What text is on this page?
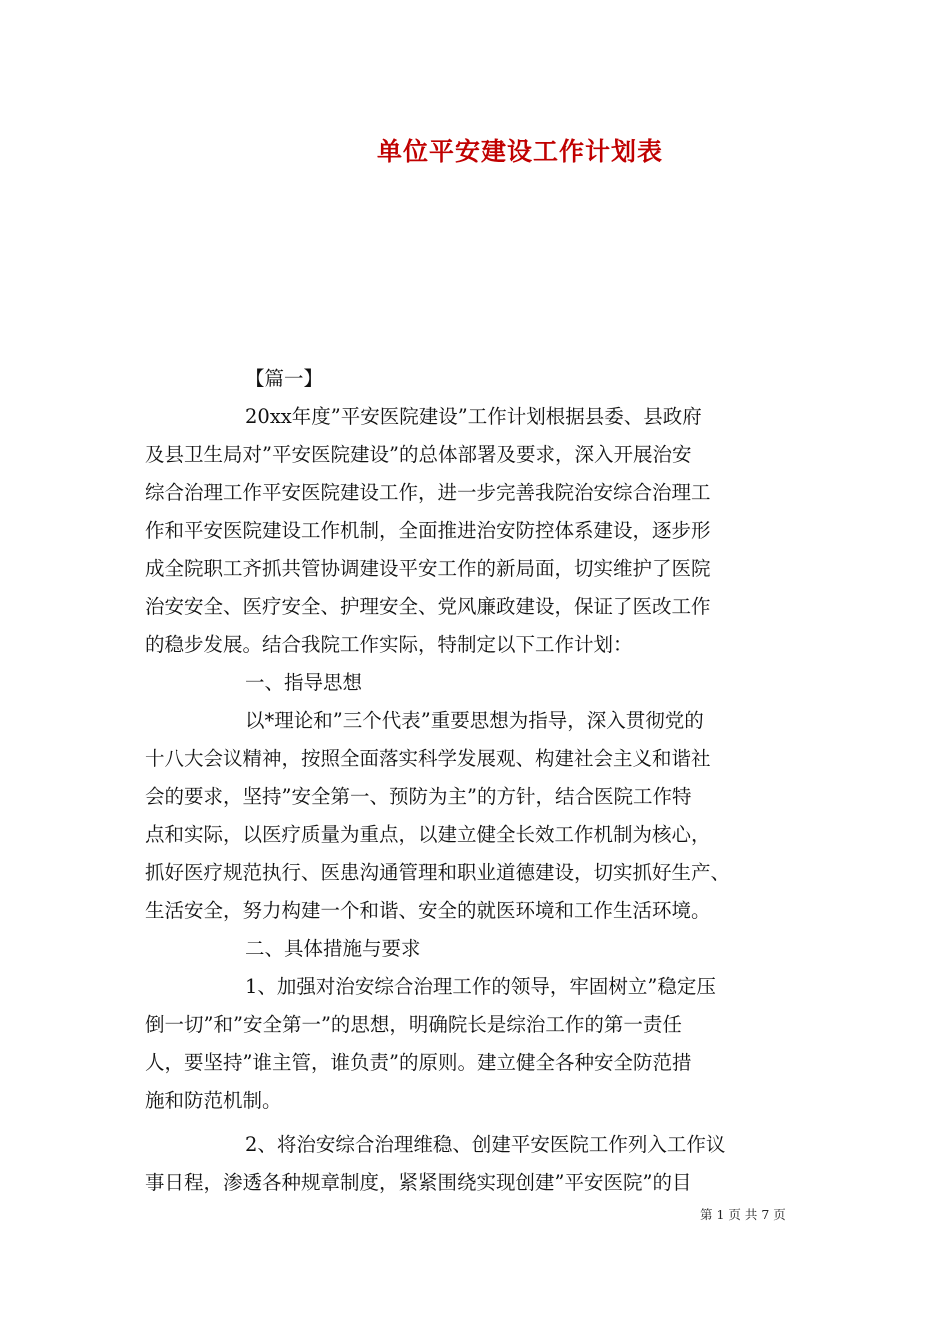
单位平安建设工作计划表
【篇一】
20xx年度”平安医院建设”工作计划根据县委、县政府
及县卫生局对”平安医院建设”的总体部署及要求，深入开展治安
综合治理工作平安医院建设工作，进一步完善我院治安综合治理工
作和平安医院建设工作机制，全面推进治安防控体系建设，逐步形
成全院职工齐抓共管协调建设平安工作的新局面，切实维护了医院
治安安全、医疗安全、护理安全、党风廉政建设，保证了医改工作
的稳步发展。结合我院工作实际，特制定以下工作计划：
一、指导思想
以*理论和”三个代表”重要思想为指导，深入贯彻党的
十八大会议精神，按照全面落实科学发展观、构建社会主义和谐社
会的要求，坚持”安全第一、预防为主”的方针，结合医院工作特
点和实际，以医疗质量为重点，以建立健全长效工作机制为核心，
抓好医疗规范执行、医患沟通管理和职业道德建设，切实抓好生产、
生活安全，努力构建一个和谐、安全的就医环境和工作生活环境。
二、具体措施与要求
1、加强对治安综合治理工作的领导，牢固树立”稳定压
倒一切”和”安全第一”的思想，明确院长是综治工作的第一责任
人，要坚持”谁主管，谁负责”的原则。建立健全各种安全防范措
施和防范机制。
2、将治安综合治理维稳、创建平安医院工作列入工作议
事日程，渗透各种规章制度，紧紧围绕实现创建”平安医院”的目
第 1 页 共 7 页
